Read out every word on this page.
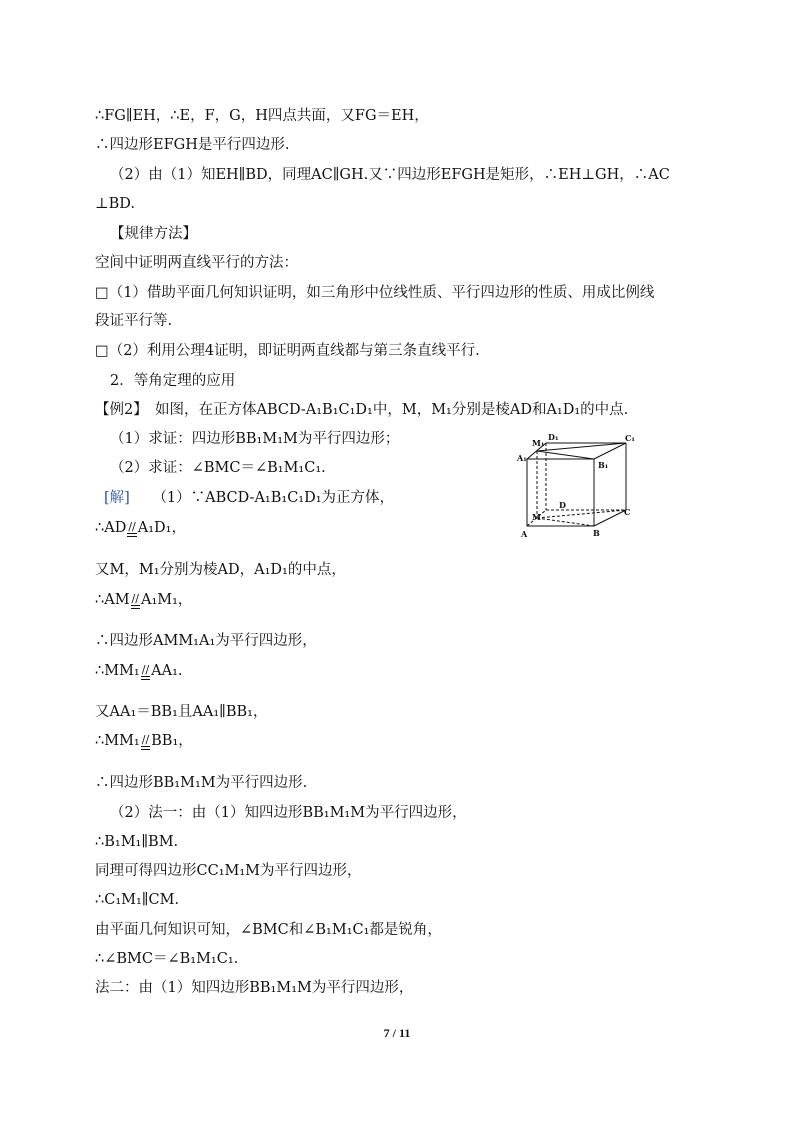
∴FG∥EH，∴E，F，G，H四点共面，又FG＝EH，
∴四边形EFGH是平行四边形.
（2）由（1）知EH∥BD，同理AC∥GH.又∵四边形EFGH是矩形，∴EH⊥GH，∴AC
⊥BD.
【规律方法】
空间中证明两直线平行的方法：
□（1）借助平面几何知识证明，如三角形中位线性质、平行四边形的性质、用成比例线
段证平行等.
□（2）利用公理4证明，即证明两直线都与第三条直线平行.
2．等角定理的应用
【例2】　如图，在正方体ABCD-A₁B₁C₁D₁中，M，M₁分别是棱AD和A₁D₁的中点.
（1）求证：四边形BB₁M₁M为平行四边形；
（2）求证：∠BMC＝∠B₁M₁C₁.
[解] （1）∵ABCD-A₁B₁C₁D₁为正方体，
∴AD // A₁D₁，
又M，M₁分别为棱AD，A₁D₁的中点，
∴AM // A₁M₁，
∴四边形AMM₁A₁为平行四边形，
∴MM₁ // AA₁.
又AA₁＝BB₁且AA₁∥BB₁，
∴MM₁ // BB₁，
∴四边形BB₁M₁M为平行四边形.
（2）法一：由（1）知四边形BB₁M₁M为平行四边形，
∴B₁M₁∥BM.
同理可得四边形CC₁M₁M为平行四边形，
∴C₁M₁∥CM.
由平面几何知识可知，∠BMC和∠B₁M₁C₁都是锐角，
∴∠BMC＝∠B₁M₁C₁.
法二：由（1）知四边形BB₁M₁M为平行四边形，
M₁
D₁	C₁
A₁
B₁
D
M	C
A	B
7 / 11
